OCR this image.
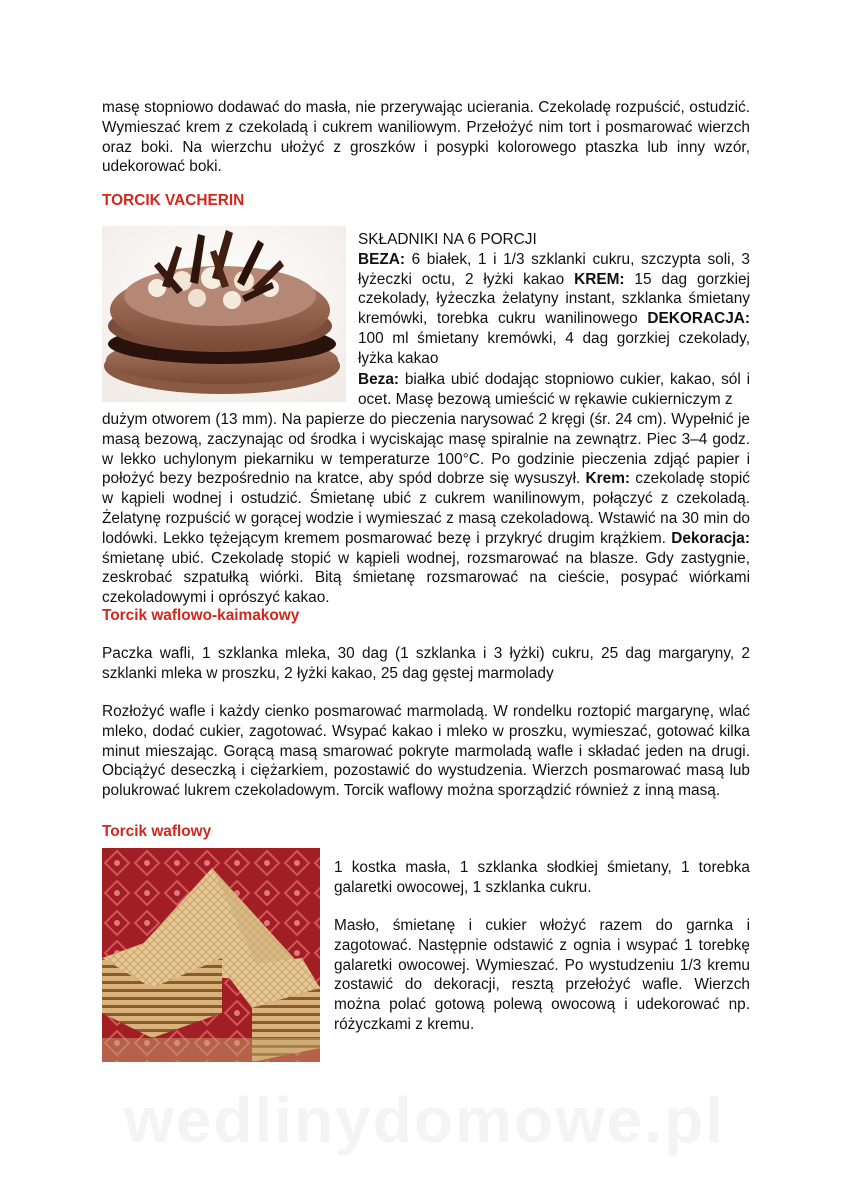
masę stopniowo dodawać do masła, nie przerywając ucierania. Czekoladę rozpuścić, ostudzić. Wymieszać krem z czekoladą i cukrem waniliowym. Przełożyć nim tort i posmarować wierzch oraz boki. Na wierzchu ułożyć z groszków i posypki kolorowego ptaszka lub inny wzór, udekorować boki.

TORCIK VACHERIN
SKŁADNIKI NA 6 PORCJI
BEZA: 6 białek, 1 i 1/3 szklanki cukru, szczypta soli, 3 łyżeczki octu, 2 łyżki kakao KREM: 15 dag gorzkiej czekolady, łyżeczka żelatyny instant, szklanka śmietany kremówki, torebka cukru wanilinowego DEKORACJA: 100 ml śmietany kremówki, 4 dag gorzkiej czekolady, łyżka kakao
Beza: białka ubić dodając stopniowo cukier, kakao, sól i ocet. Masę bezową umieścić w rękawie cukierniczym z

dużym otworem (13 mm). Na papierze do pieczenia narysować 2 kręgi (śr. 24 cm). Wypełnić je masą bezową, zaczynając od środka i wyciskając masę spiralnie na zewnątrz. Piec 3–4 godz. w lekko uchylonym piekarniku w temperaturze 100°C. Po godzinie pieczenia zdjąć papier i położyć bezy bezpośrednio na kratce, aby spód dobrze się wysuszył. Krem: czekoladę stopić w kąpieli wodnej i ostudzić. Śmietanę ubić z cukrem wanilinowym, połączyć z czekoladą. Żelatynę rozpuścić w gorącej wodzie i wymieszać z masą czekoladową. Wstawić na 30 min do lodówki. Lekko tężejącym kremem posmarować bezę i przykryć drugim krążkiem. Dekoracja: śmietanę ubić. Czekoladę stopić w kąpieli wodnej, rozsmarować na blasze. Gdy zastygnie, zeskrobać szpatułką wiórki. Bitą śmietanę rozsmarować na cieście, posypać wiórkami czekoladowymi i oprószyć kakao.

Torcik waflowo-kaimakowy

Paczka wafli, 1 szklanka mleka, 30 dag (1 szklanka i 3 łyżki) cukru, 25 dag margaryny, 2 szklanki mleka w proszku, 2 łyżki kakao, 25 dag gęstej marmolady

Rozłożyć wafle i każdy cienko posmarować marmoladą. W rondelku roztopić margarynę, wlać mleko, dodać cukier, zagotować. Wsypać kakao i mleko w proszku, wymieszać, gotować kilka minut mieszając. Gorącą masą smarować pokryte marmoladą wafle i składać jeden na drugi. Obciążyć deseczką i ciężarkiem, pozostawić do wystudzenia. Wierzch posmarować masą lub polukrować lukrem czekoladowym. Torcik waflowy można sporządzić również z inną masą.

Torcik waflowy

1 kostka masła, 1 szklanka słodkiej śmietany, 1 torebka galaretki owocowej, 1 szklanka cukru.

Masło, śmietanę i cukier włożyć razem do garnka i zagotować. Następnie odstawić z ognia i wsypać 1 torebkę galaretki owocowej. Wymieszać. Po wystudzeniu 1/3 kremu zostawić do dekoracji, resztą przełożyć wafle. Wierzch można polać gotową polewą owocową i udekorować np. różyczkami z kremu.

wedlinydomowe.pl
